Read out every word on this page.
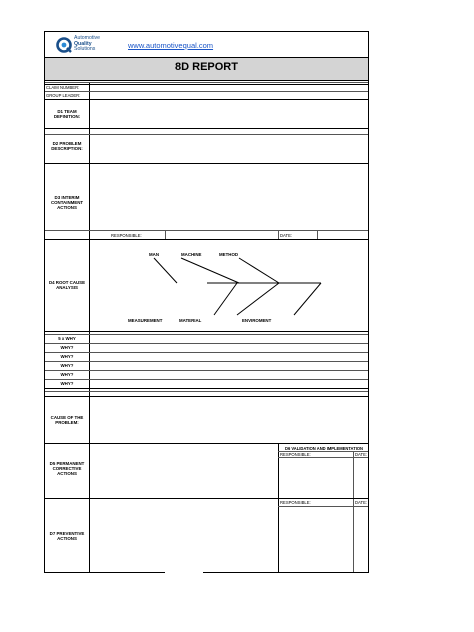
Automotive
Quality
Solutions	www.automotivequal.com
8D REPORT
CLAIM NUMBER:
GROUP LEADER:
D1 TEAM DEFINITION:
D2 PROBLEM DESCRIPTION:
D3 INTERIM CONTAINMENT ACTIONS
RESPONSIBLE:	DATE:
D4 ROOT CAUSE ANALYSIS
MAN	MACHINE	METHOD
MEASUREMENT	MATERIAL	ENVIROMENT
5 x WHY
WHY?
WHY?
WHY?
WHY?
WHY?
CAUSE OF THE PROBLEM:
D6 VALIDATION AND IMPLEMENTATION
RESPONSIBLE:	DATE:
D5 PERMANENT CORRECTIVE ACTIONS
RESPONSIBLE:	DATE:
D7 PREVENTIVE ACTIONS
